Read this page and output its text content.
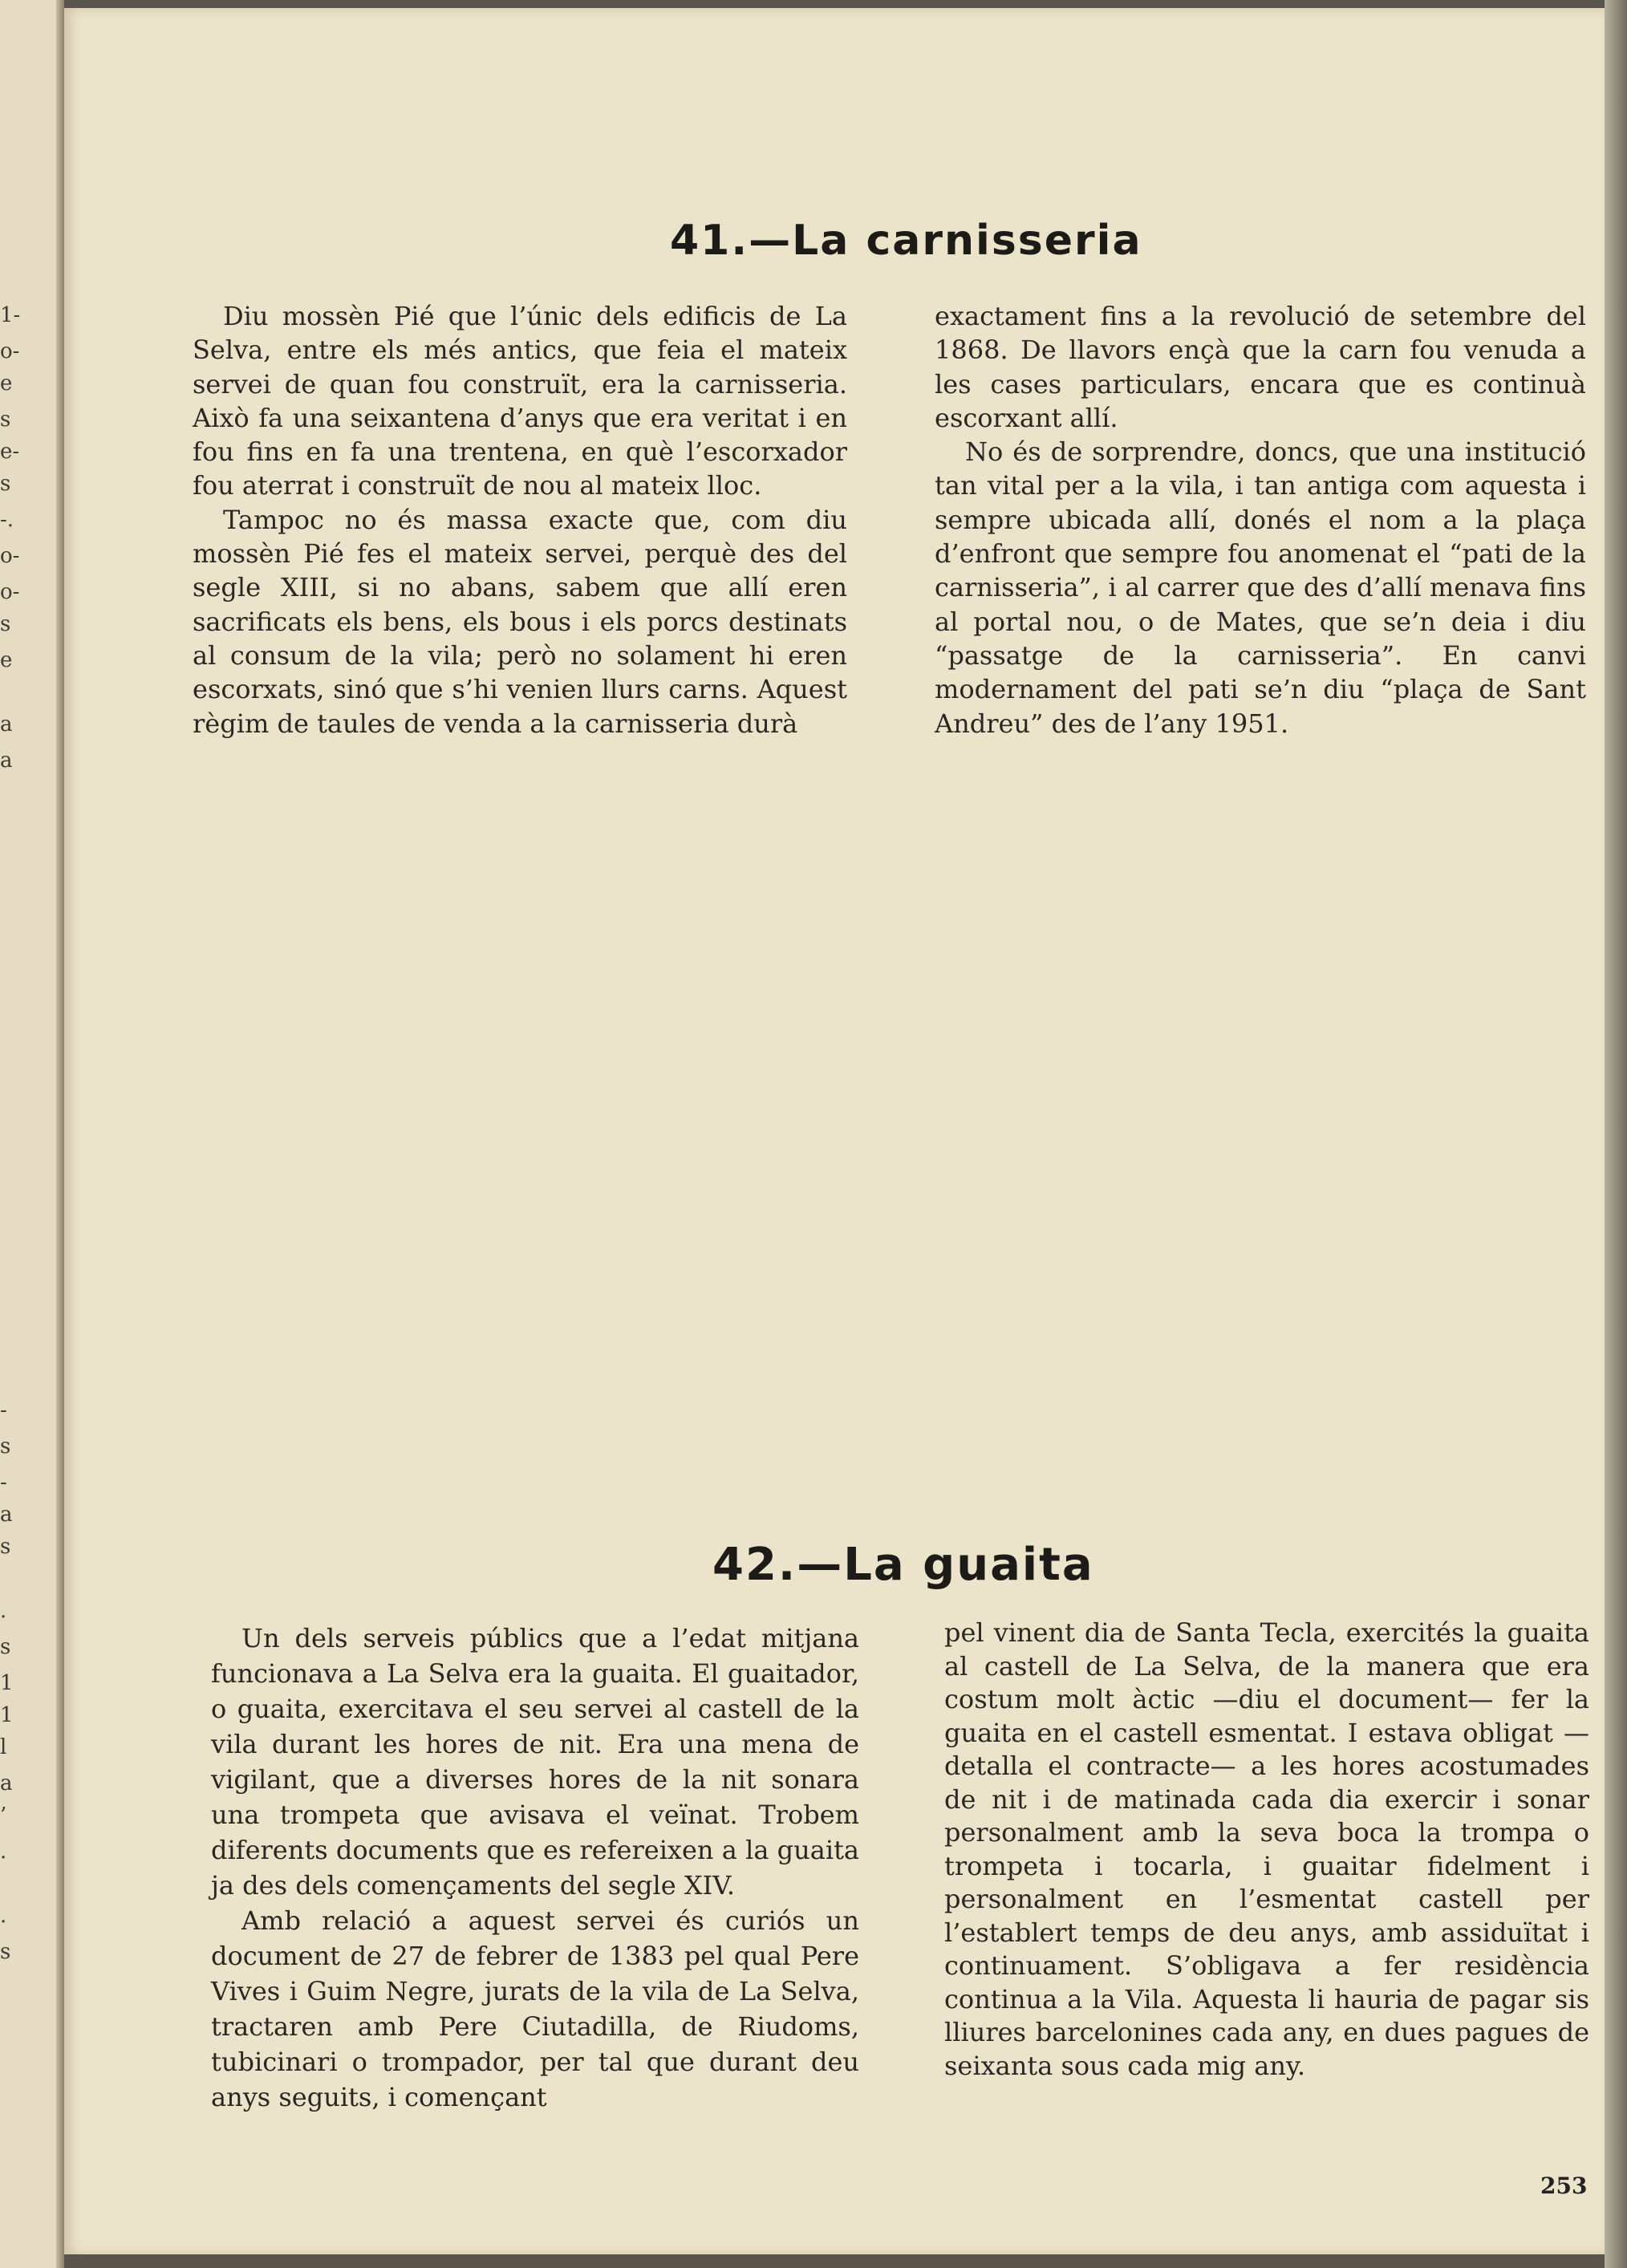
41.—La carnisseria

Diu mossèn Pié que l’únic dels edificis de La Selva, entre els més antics, que feia el mateix servei de quan fou construït, era la carnisseria. Això fa una seixantena d’anys que era veritat i en fou fins en fa una trentena, en què l’escorxador fou aterrat i construït de nou al mateix lloc.

Tampoc no és massa exacte que, com diu mossèn Pié fes el mateix servei, perquè des del segle XIII, si no abans, sabem que allí eren sacrificats els bens, els bous i els porcs destinats al consum de la vila; però no solament hi eren escorxats, sinó que s’hi venien llurs carns. Aquest règim de taules de venda a la carnisseria durà

exactament fins a la revolució de setembre del 1868. De llavors ençà que la carn fou venuda a les cases particulars, encara que es continuà escorxant allí.

No és de sorprendre, doncs, que una institució tan vital per a la vila, i tan antiga com aquesta i sempre ubicada allí, donés el nom a la plaça d’enfront que sempre fou anomenat el “pati de la carnisseria”, i al carrer que des d’allí menava fins al portal nou, o de Mates, que se’n deia i diu “passatge de la carnisseria”. En canvi modernament del pati se’n diu “plaça de Sant Andreu” des de l’any 1951.

42.—La guaita

Un dels serveis públics que a l’edat mitjana funcionava a La Selva era la guaita. El guaitador, o guaita, exercitava el seu servei al castell de la vila durant les hores de nit. Era una mena de vigilant, que a diverses hores de la nit sonara una trompeta que avisava el veïnat. Trobem diferents documents que es refereixen a la guaita ja des dels començaments del segle XIV.

Amb relació a aquest servei és curiós un document de 27 de febrer de 1383 pel qual Pere Vives i Guim Negre, jurats de la vila de La Selva, tractaren amb Pere Ciutadilla, de Riudoms, tubicinari o trompador, per tal que durant deu anys seguits, i començant

pel vinent dia de Santa Tecla, exercités la guaita al castell de La Selva, de la manera que era costum molt àctic —diu el document— fer la guaita en el castell esmentat. I estava obligat —detalla el contracte— a les hores acostumades de nit i de matinada cada dia exercir i sonar personalment amb la seva boca la trompa o trompeta i tocarla, i guaitar fidelment i personalment en l’esmentat castell per l’establert temps de deu anys, amb assiduïtat i continuament. S’obligava a fer residència continua a la Vila. Aquesta li hauria de pagar sis lliures barcelonines cada any, en dues pagues de seixanta sous cada mig any.

253
1-
o-
e
s
e-
s
-.
o-
o-
s
e
a
a
-
s
-
a
s
.
s
1
1
l
a
’
.
.
s
